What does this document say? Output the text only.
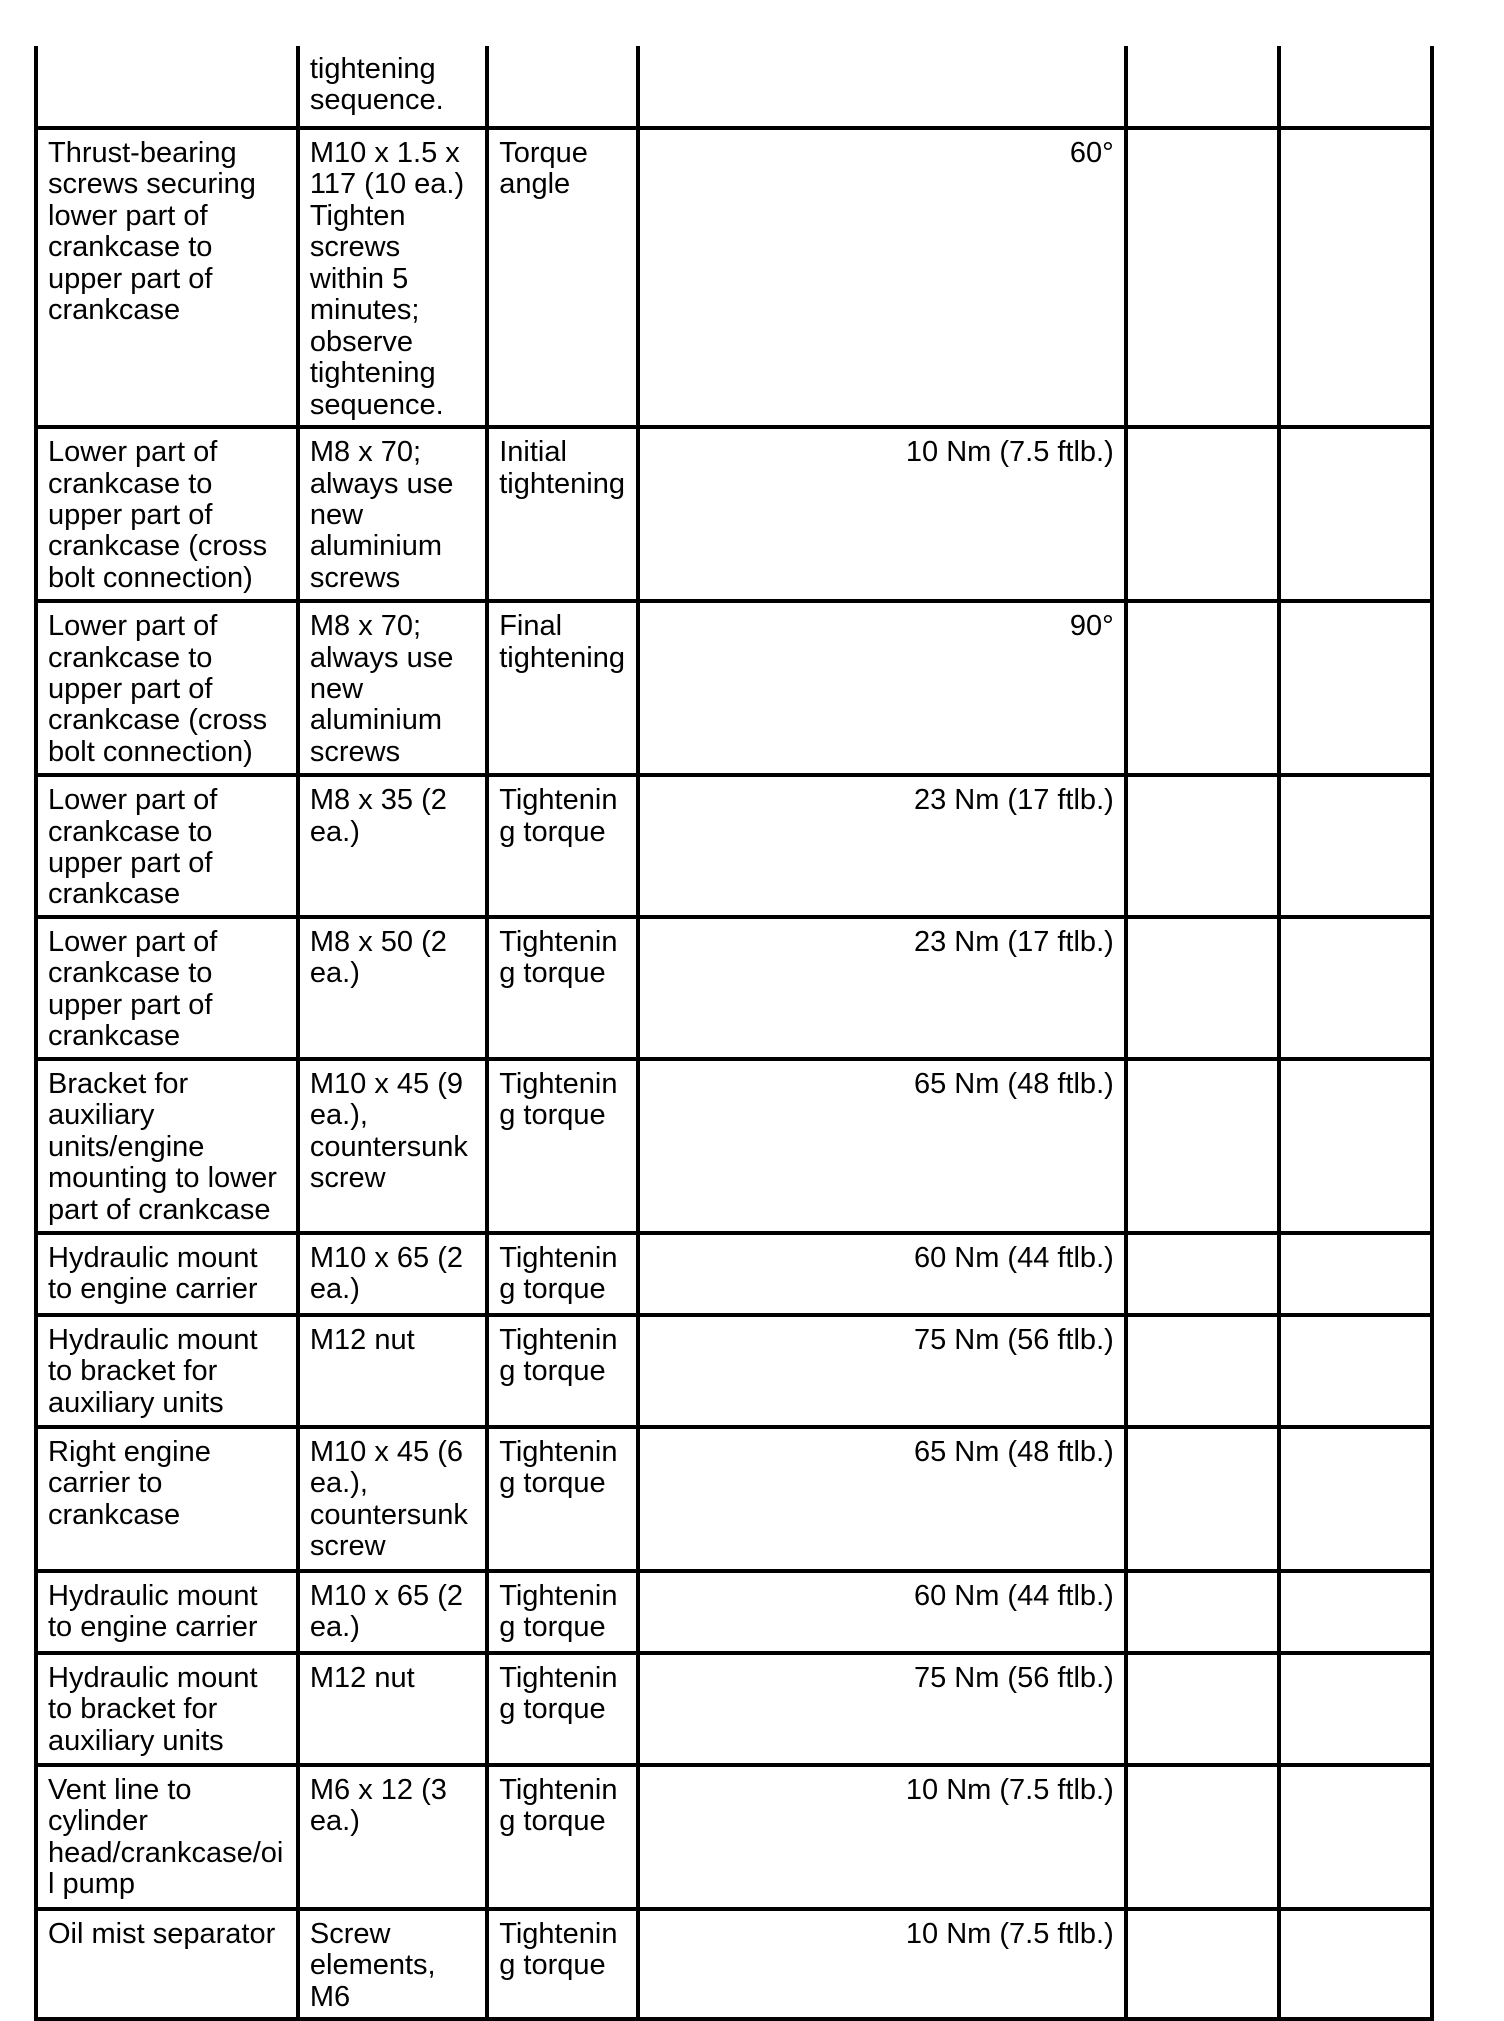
	tightening sequence.				
Thrust-bearing screws securing lower part of crankcase to upper part of crankcase	M10 x 1.5 x 117 (10 ea.) Tighten screws within 5 minutes; observe tightening sequence.	Torque angle	60°		
Lower part of crankcase to upper part of crankcase (cross bolt connection)	M8 x 70; always use new aluminium screws	Initial tightening	10 Nm (7.5 ftlb.)		
Lower part of crankcase to upper part of crankcase (cross bolt connection)	M8 x 70; always use new aluminium screws	Final tightening	90°		
Lower part of crankcase to upper part of crankcase	M8 x 35 (2 ea.)	Tightening torque	23 Nm (17 ftlb.)		
Lower part of crankcase to upper part of crankcase	M8 x 50 (2 ea.)	Tightening torque	23 Nm (17 ftlb.)		
Bracket for auxiliary units/engine mounting to lower part of crankcase	M10 x 45 (9 ea.), countersunk screw	Tightening torque	65 Nm (48 ftlb.)		
Hydraulic mount to engine carrier	M10 x 65 (2 ea.)	Tightening torque	60 Nm (44 ftlb.)		
Hydraulic mount to bracket for auxiliary units	M12 nut	Tightening torque	75 Nm (56 ftlb.)		
Right engine carrier to crankcase	M10 x 45 (6 ea.), countersunk screw	Tightening torque	65 Nm (48 ftlb.)		
Hydraulic mount to engine carrier	M10 x 65 (2 ea.)	Tightening torque	60 Nm (44 ftlb.)		
Hydraulic mount to bracket for auxiliary units	M12 nut	Tightening torque	75 Nm (56 ftlb.)		
Vent line to cylinder head/crankcase/oil pump	M6 x 12 (3 ea.)	Tightening torque	10 Nm (7.5 ftlb.)		
Oil mist separator	Screw elements, M6	Tightening torque	10 Nm (7.5 ftlb.)		
